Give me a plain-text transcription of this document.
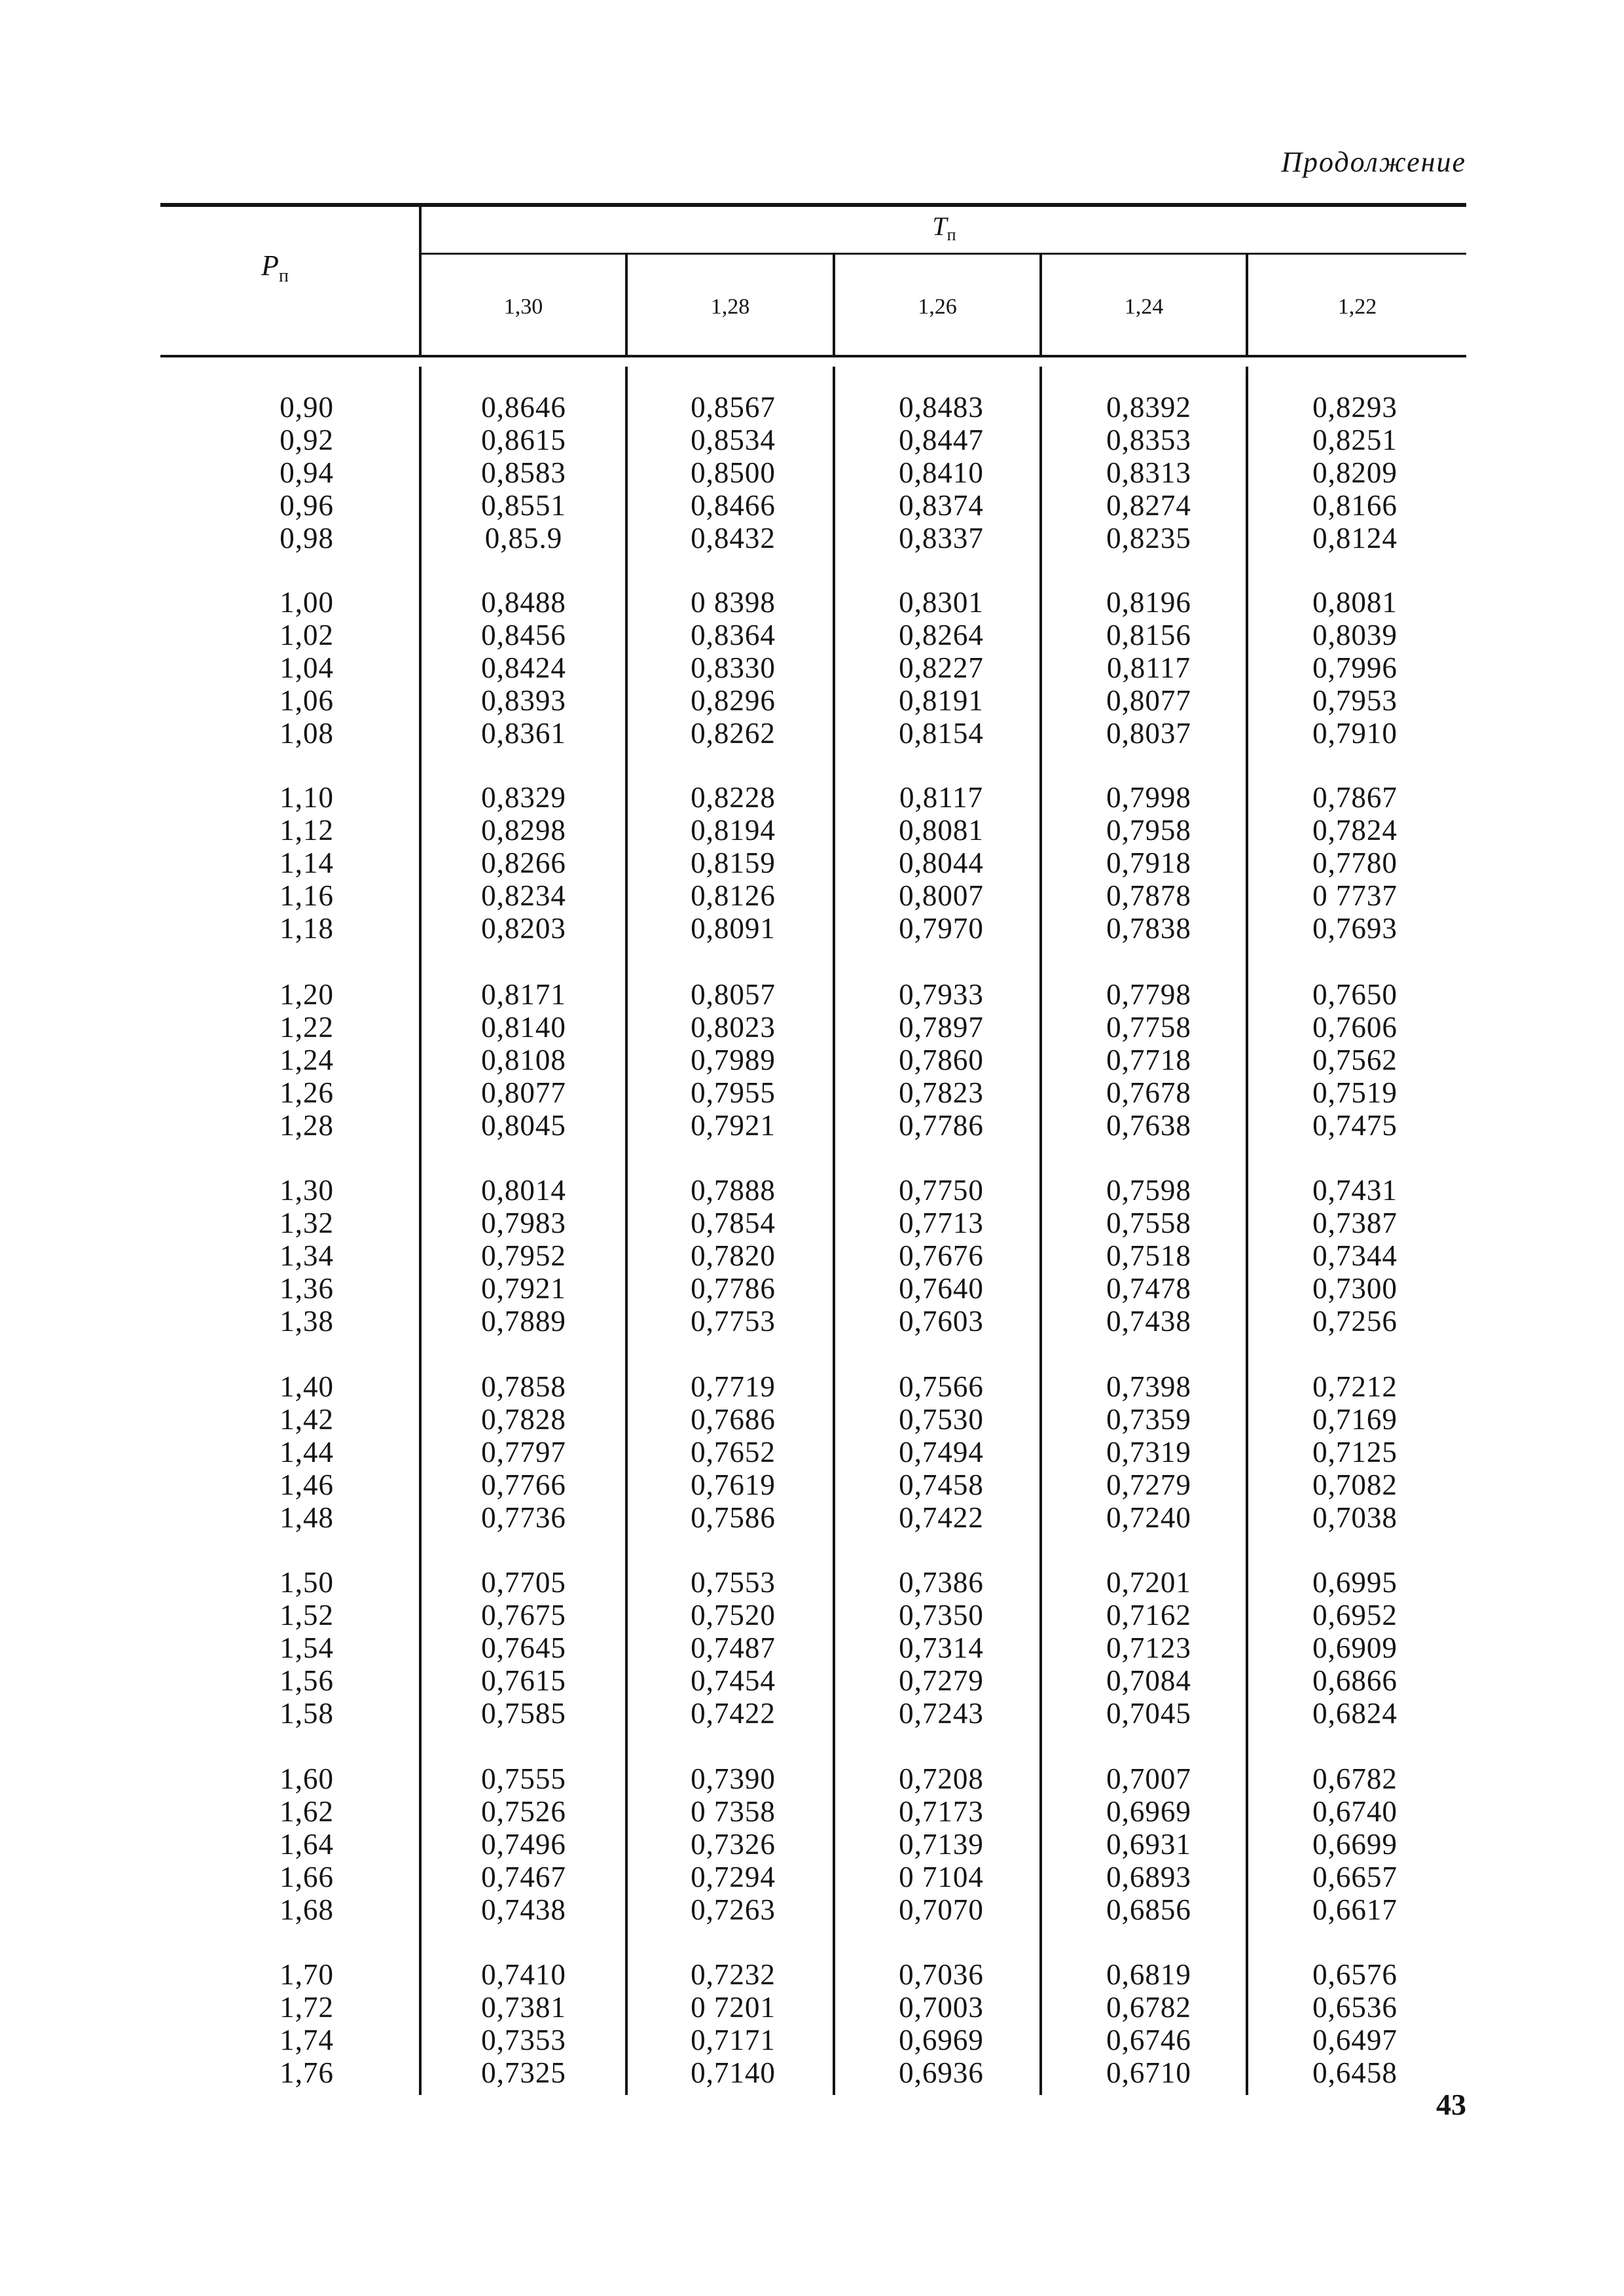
Продолжение
$P_п$
$T_п$
1,30	1,28	1,26	1,24	1,22
0,90	0,8646	0,8567	0,8483	0,8392	0,8293
0,92	0,8615	0,8534	0,8447	0,8353	0,8251
0,94	0,8583	0,8500	0,8410	0,8313	0,8209
0,96	0,8551	0,8466	0,8374	0,8274	0,8166
0,98	0,85.9	0,8432	0,8337	0,8235	0,8124
1,00	0,8488	0 8398	0,8301	0,8196	0,8081
1,02	0,8456	0,8364	0,8264	0,8156	0,8039
1,04	0,8424	0,8330	0,8227	0,8117	0,7996
1,06	0,8393	0,8296	0,8191	0,8077	0,7953
1,08	0,8361	0,8262	0,8154	0,8037	0,7910
1,10	0,8329	0,8228	0,8117	0,7998	0,7867
1,12	0,8298	0,8194	0,8081	0,7958	0,7824
1,14	0,8266	0,8159	0,8044	0,7918	0,7780
1,16	0,8234	0,8126	0,8007	0,7878	0 7737
1,18	0,8203	0,8091	0,7970	0,7838	0,7693
1,20	0,8171	0,8057	0,7933	0,7798	0,7650
1,22	0,8140	0,8023	0,7897	0,7758	0,7606
1,24	0,8108	0,7989	0,7860	0,7718	0,7562
1,26	0,8077	0,7955	0,7823	0,7678	0,7519
1,28	0,8045	0,7921	0,7786	0,7638	0,7475
1,30	0,8014	0,7888	0,7750	0,7598	0,7431
1,32	0,7983	0,7854	0,7713	0,7558	0,7387
1,34	0,7952	0,7820	0,7676	0,7518	0,7344
1,36	0,7921	0,7786	0,7640	0,7478	0,7300
1,38	0,7889	0,7753	0,7603	0,7438	0,7256
1,40	0,7858	0,7719	0,7566	0,7398	0,7212
1,42	0,7828	0,7686	0,7530	0,7359	0,7169
1,44	0,7797	0,7652	0,7494	0,7319	0,7125
1,46	0,7766	0,7619	0,7458	0,7279	0,7082
1,48	0,7736	0,7586	0,7422	0,7240	0,7038
1,50	0,7705	0,7553	0,7386	0,7201	0,6995
1,52	0,7675	0,7520	0,7350	0,7162	0,6952
1,54	0,7645	0,7487	0,7314	0,7123	0,6909
1,56	0,7615	0,7454	0,7279	0,7084	0,6866
1,58	0,7585	0,7422	0,7243	0,7045	0,6824
1,60	0,7555	0,7390	0,7208	0,7007	0,6782
1,62	0,7526	0 7358	0,7173	0,6969	0,6740
1,64	0,7496	0,7326	0,7139	0,6931	0,6699
1,66	0,7467	0,7294	0 7104	0,6893	0,6657
1,68	0,7438	0,7263	0,7070	0,6856	0,6617
1,70	0,7410	0,7232	0,7036	0,6819	0,6576
1,72	0,7381	0 7201	0,7003	0,6782	0,6536
1,74	0,7353	0,7171	0,6969	0,6746	0,6497
1,76	0,7325	0,7140	0,6936	0,6710	0,6458
43
